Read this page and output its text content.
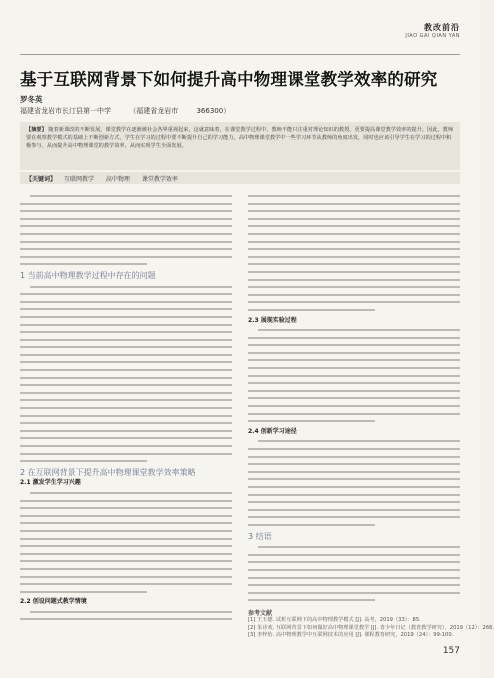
教改前沿
JIAO GAI QIAN YAN
基于互联网背景下如何提升高中物理课堂教学效率的研究
罗冬英
福建省龙岩市长汀县第一中学	（福建省龙岩市	366300）
【摘要】 随着新课改的不断发展，课堂教学在逐渐被社会各界重视起来，这就意味着，在课堂教学过程中，教师不能只注重对理论知识的教授，更要提高课堂教学效率的提升。因此，教师要在观察教学模式的基础上不断创新方式，学生在学习的过程中要不断提升自己的学习能力，高中物理课堂教学中一些学习环节从教师的角度出发，同时也应该引导学生在学习的过程中积极参与，从而提升高中物理课堂的教学效率，从而实现学生全面发展。
【关键词】 互联网教学 高中物理 课堂教学效率
1 当前高中物理教学过程中存在的问题
2 在互联网背景下提升高中物理课堂教学效率策略
2.1 激发学生学习兴趣
2.2 创设问题式教学情境
2.3 展现实验过程
2.4 创新学习途径
3 结语
参考文献
[1] 王玉德. 试析互联网下的高中物理教学模式 [J]. 高考，2019（33）：85.
[2] 朱诗欢. 互联网背景下如何做好高中物理课堂教学 [J]. 青少年日记（教育教学研究），2019（12）：266.
[3] 李梓怡. 高中物理教学中互联网技术的应用 [J]. 课程教育研究，2019（24）：99-100.
157
